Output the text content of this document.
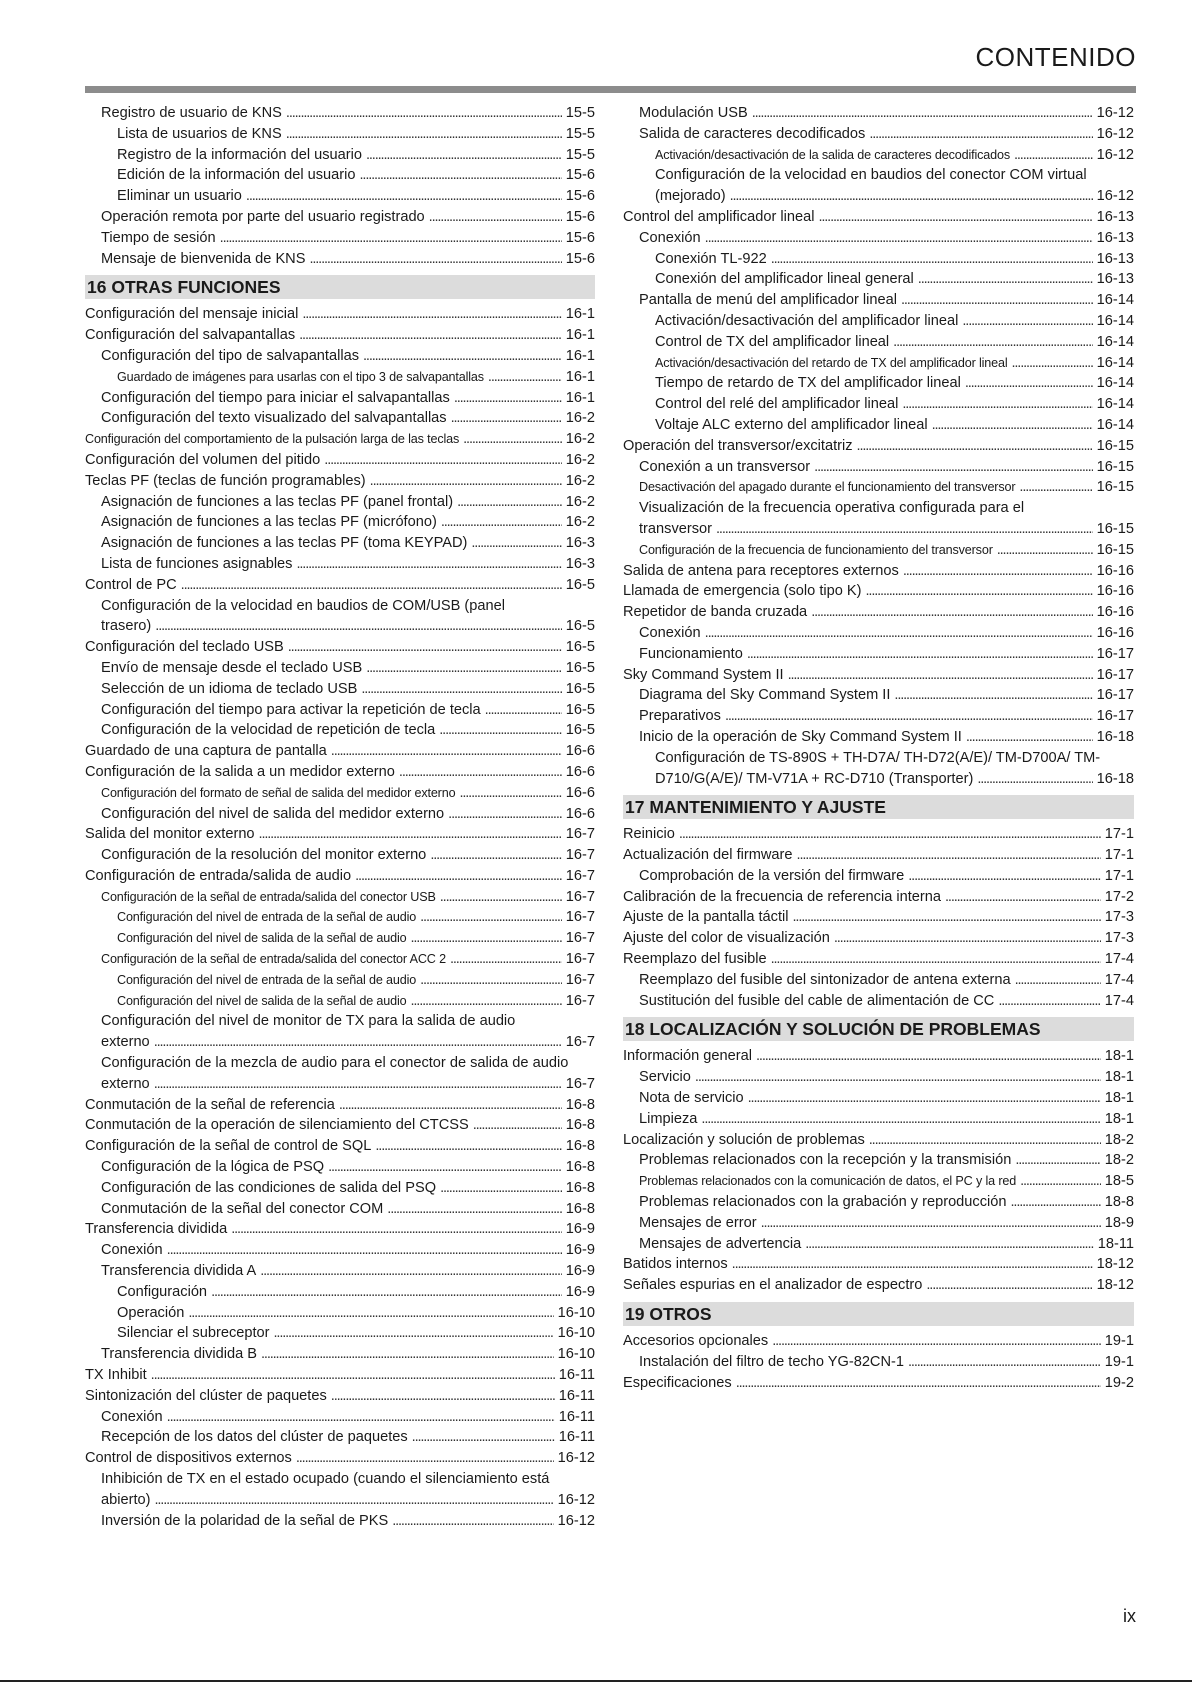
CONTENIDO
Registro de usuario de KNS . . .	15-5
Lista de usuarios de KNS . . .	15-5
Registro de la información del usuario . . .	15-5
Edición de la información del usuario . . .	15-6
Eliminar un usuario . . .	15-6
Operación remota por parte del usuario registrado . . .	15-6
Tiempo de sesión . . .	15-6
Mensaje de bienvenida de KNS . . .	15-6
16 OTRAS FUNCIONES
Configuración del mensaje inicial . . .	16-1
Configuración del salvapantallas . . .	16-1
Configuración del tipo de salvapantallas . . .	16-1
Guardado de imágenes para usarlas con el tipo 3 de salvapantallas . . .	16-1
Configuración del tiempo para iniciar el salvapantallas . . .	16-1
Configuración del texto visualizado del salvapantallas . . .	16-2
Configuración del comportamiento de la pulsación larga de las teclas . . .	16-2
Configuración del volumen del pitido . . .	16-2
Teclas PF (teclas de función programables) . . .	16-2
Asignación de funciones a las teclas PF (panel frontal) . . .	16-2
Asignación de funciones a las teclas PF (micrófono) . . .	16-2
Asignación de funciones a las teclas PF (toma KEYPAD) . . .	16-3
Lista de funciones asignables . . .	16-3
Control de PC . . .	16-5
Configuración de la velocidad en baudios de COM/USB (panel
trasero) . . .	16-5
Configuración del teclado USB . . .	16-5
Envío de mensaje desde el teclado USB . . .	16-5
Selección de un idioma de teclado USB . . .	16-5
Configuración del tiempo para activar la repetición de tecla . . .	16-5
Configuración de la velocidad de repetición de tecla . . .	16-5
Guardado de una captura de pantalla . . .	16-6
Configuración de la salida a un medidor externo . . .	16-6
Configuración del formato de señal de salida del medidor externo . . .	16-6
Configuración del nivel de salida del medidor externo . . .	16-6
Salida del monitor externo . . .	16-7
Configuración de la resolución del monitor externo . . .	16-7
Configuración de entrada/salida de audio . . .	16-7
Configuración de la señal de entrada/salida del conector USB . . .	16-7
Configuración del nivel de entrada de la señal de audio . . .	16-7
Configuración del nivel de salida de la señal de audio . . .	16-7
Configuración de la señal de entrada/salida del conector ACC 2 . . .	16-7
Configuración del nivel de entrada de la señal de audio . . .	16-7
Configuración del nivel de salida de la señal de audio . . .	16-7
Configuración del nivel de monitor de TX para la salida de audio
externo . . .	16-7
Configuración de la mezcla de audio para el conector de salida de audio
externo . . .	16-7
Conmutación de la señal de referencia . . .	16-8
Conmutación de la operación de silenciamiento del CTCSS . . .	16-8
Configuración de la señal de control de SQL . . .	16-8
Configuración de la lógica de PSQ . . .	16-8
Configuración de las condiciones de salida del PSQ . . .	16-8
Conmutación de la señal del conector COM . . .	16-8
Transferencia dividida . . .	16-9
Conexión . . .	16-9
Transferencia dividida A . . .	16-9
Configuración . . .	16-9
Operación . . .	16-10
Silenciar el subreceptor . . .	16-10
Transferencia dividida B . . .	16-10
TX Inhibit . . .	16-11
Sintonización del clúster de paquetes . . .	16-11
Conexión . . .	16-11
Recepción de los datos del clúster de paquetes . . .	16-11
Control de dispositivos externos . . .	16-12
Inhibición de TX en el estado ocupado (cuando el silenciamiento está
abierto) . . .	16-12
Inversión de la polaridad de la señal de PKS . . .	16-12
Modulación USB . . .	16-12
Salida de caracteres decodificados . . .	16-12
Activación/desactivación de la salida de caracteres decodificados . . .	16-12
Configuración de la velocidad en baudios del conector COM virtual
(mejorado) . . .	16-12
Control del amplificador lineal . . .	16-13
Conexión . . .	16-13
Conexión TL-922 . . .	16-13
Conexión del amplificador lineal general . . .	16-13
Pantalla de menú del amplificador lineal . . .	16-14
Activación/desactivación del amplificador lineal . . .	16-14
Control de TX del amplificador lineal . . .	16-14
Activación/desactivación del retardo de TX del amplificador lineal . . .	16-14
Tiempo de retardo de TX del amplificador lineal . . .	16-14
Control del relé del amplificador lineal . . .	16-14
Voltaje ALC externo del amplificador lineal . . .	16-14
Operación del transversor/excitatriz . . .	16-15
Conexión a un transversor . . .	16-15
Desactivación del apagado durante el funcionamiento del transversor . . .	16-15
Visualización de la frecuencia operativa configurada para el
transversor . . .	16-15
Configuración de la frecuencia de funcionamiento del transversor . . .	16-15
Salida de antena para receptores externos . . .	16-16
Llamada de emergencia (solo tipo K) . . .	16-16
Repetidor de banda cruzada . . .	16-16
Conexión . . .	16-16
Funcionamiento . . .	16-17
Sky Command System II . . .	16-17
Diagrama del Sky Command System II . . .	16-17
Preparativos . . .	16-17
Inicio de la operación de Sky Command System II . . .	16-18
Configuración de TS-890S + TH-D7A/ TH-D72(A/E)/ TM-D700A/ TM-
D710/G(A/E)/ TM-V71A + RC-D710 (Transporter) . . .	16-18
17 MANTENIMIENTO Y AJUSTE
Reinicio . . .	17-1
Actualización del firmware . . .	17-1
Comprobación de la versión del firmware . . .	17-1
Calibración de la frecuencia de referencia interna . . .	17-2
Ajuste de la pantalla táctil . . .	17-3
Ajuste del color de visualización . . .	17-3
Reemplazo del fusible . . .	17-4
Reemplazo del fusible del sintonizador de antena externa . . .	17-4
Sustitución del fusible del cable de alimentación de CC . . .	17-4
18 LOCALIZACIÓN Y SOLUCIÓN DE PROBLEMAS
Información general . . .	18-1
Servicio . . .	18-1
Nota de servicio . . .	18-1
Limpieza . . .	18-1
Localización y solución de problemas . . .	18-2
Problemas relacionados con la recepción y la transmisión . . .	18-2
Problemas relacionados con la comunicación de datos, el PC y la red . . .	18-5
Problemas relacionados con la grabación y reproducción . . .	18-8
Mensajes de error . . .	18-9
Mensajes de advertencia . . .	18-11
Batidos internos . . .	18-12
Señales espurias en el analizador de espectro . . .	18-12
19 OTROS
Accesorios opcionales . . .	19-1
Instalación del filtro de techo YG-82CN-1 . . .	19-1
Especificaciones . . .	19-2
ix
